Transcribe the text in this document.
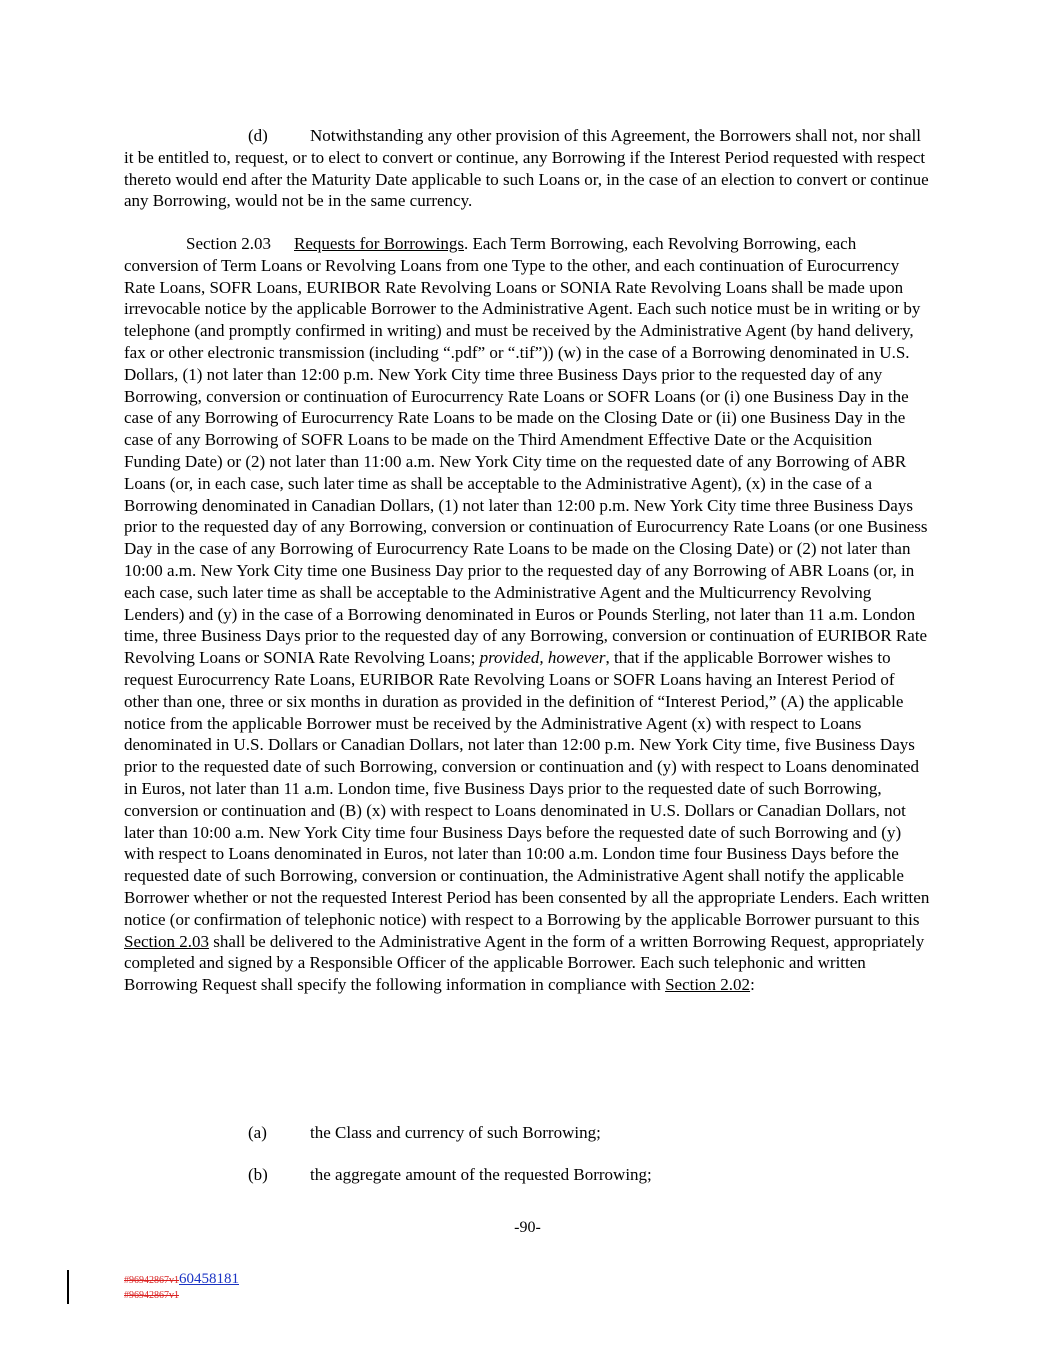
(d) Notwithstanding any other provision of this Agreement, the Borrowers shall not, nor shall it be entitled to, request, or to elect to convert or continue, any Borrowing if the Interest Period requested with respect thereto would end after the Maturity Date applicable to such Loans or, in the case of an election to convert or continue any Borrowing, would not be in the same currency.
Section 2.03 Requests for Borrowings. Each Term Borrowing, each Revolving Borrowing, each conversion of Term Loans or Revolving Loans from one Type to the other, and each continuation of Eurocurrency Rate Loans, SOFR Loans, EURIBOR Rate Revolving Loans or SONIA Rate Revolving Loans shall be made upon irrevocable notice by the applicable Borrower to the Administrative Agent. Each such notice must be in writing or by telephone (and promptly confirmed in writing) and must be received by the Administrative Agent (by hand delivery, fax or other electronic transmission (including “.pdf” or “.tif”)) (w) in the case of a Borrowing denominated in U.S. Dollars, (1) not later than 12:00 p.m. New York City time three Business Days prior to the requested day of any Borrowing, conversion or continuation of Eurocurrency Rate Loans or SOFR Loans (or (i) one Business Day in the case of any Borrowing of Eurocurrency Rate Loans to be made on the Closing Date or (ii) one Business Day in the case of any Borrowing of SOFR Loans to be made on the Third Amendment Effective Date or the Acquisition Funding Date) or (2) not later than 11:00 a.m. New York City time on the requested date of any Borrowing of ABR Loans (or, in each case, such later time as shall be acceptable to the Administrative Agent), (x) in the case of a Borrowing denominated in Canadian Dollars, (1) not later than 12:00 p.m. New York City time three Business Days prior to the requested day of any Borrowing, conversion or continuation of Eurocurrency Rate Loans (or one Business Day in the case of any Borrowing of Eurocurrency Rate Loans to be made on the Closing Date) or (2) not later than 10:00 a.m. New York City time one Business Day prior to the requested day of any Borrowing of ABR Loans (or, in each case, such later time as shall be acceptable to the Administrative Agent and the Multicurrency Revolving Lenders) and (y) in the case of a Borrowing denominated in Euros or Pounds Sterling, not later than 11 a.m. London time, three Business Days prior to the requested day of any Borrowing, conversion or continuation of EURIBOR Rate Revolving Loans or SONIA Rate Revolving Loans; provided, however, that if the applicable Borrower wishes to request Eurocurrency Rate Loans, EURIBOR Rate Revolving Loans or SOFR Loans having an Interest Period of other than one, three or six months in duration as provided in the definition of “Interest Period,” (A) the applicable notice from the applicable Borrower must be received by the Administrative Agent (x) with respect to Loans denominated in U.S. Dollars or Canadian Dollars, not later than 12:00 p.m. New York City time, five Business Days prior to the requested date of such Borrowing, conversion or continuation and (y) with respect to Loans denominated in Euros, not later than 11 a.m. London time, five Business Days prior to the requested date of such Borrowing, conversion or continuation and (B) (x) with respect to Loans denominated in U.S. Dollars or Canadian Dollars, not later than 10:00 a.m. New York City time four Business Days before the requested date of such Borrowing and (y) with respect to Loans denominated in Euros, not later than 10:00 a.m. London time four Business Days before the requested date of such Borrowing, conversion or continuation, the Administrative Agent shall notify the applicable Borrower whether or not the requested Interest Period has been consented by all the appropriate Lenders. Each written notice (or confirmation of telephonic notice) with respect to a Borrowing by the applicable Borrower pursuant to this Section 2.03 shall be delivered to the Administrative Agent in the form of a written Borrowing Request, appropriately completed and signed by a Responsible Officer of the applicable Borrower. Each such telephonic and written Borrowing Request shall specify the following information in compliance with Section 2.02:
(a)	the Class and currency of such Borrowing;
(b) the aggregate amount of the requested Borrowing;
-90-
#96942867v160458181
#96942867v1
